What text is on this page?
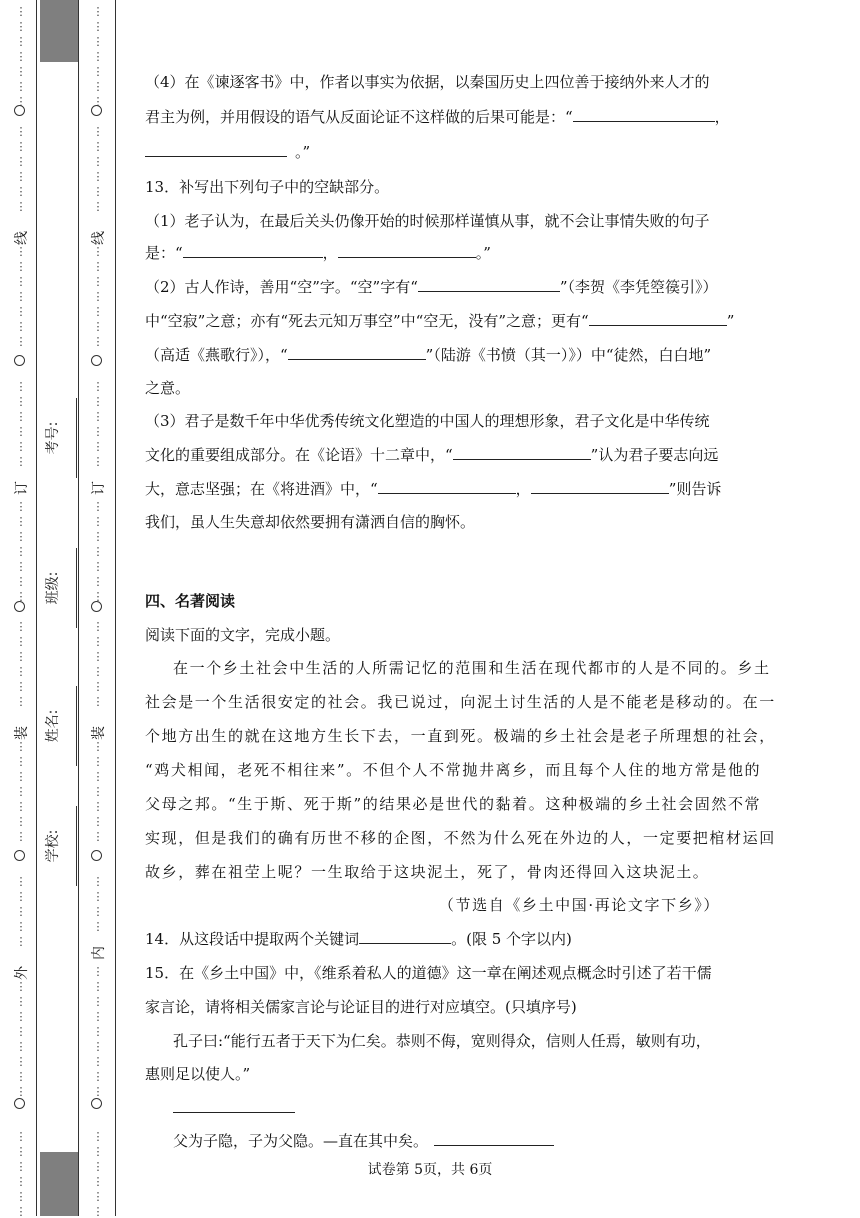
外
装
订
线
⋮
⋮
⋮
⋮
⋮
⋮
⋮
⋮
⋮
⋮
⋮
⋮
⋮
⋮
⋮
⋮
⋮
⋮
⋮
⋮
⋮
⋮
⋮
⋮
⋮
⋮
⋮
⋮
⋮
⋮
⋮
⋮
⋮
⋮
⋮
⋮
⋮
⋮
⋮
⋮
⋮
⋮
⋮
⋮
⋮
⋮
⋮
⋮
⋮
⋮
⋮
⋮
⋮
⋮
⋮
⋮
⋮
⋮
⋮
⋮
⋮
⋮
⋮
⋮
⋮
内
装
订
线
⋮
⋮
⋮
⋮
⋮
⋮
⋮
⋮
⋮
⋮
⋮
⋮
⋮
⋮
⋮
⋮
⋮
⋮
⋮
⋮
⋮
⋮
⋮
⋮
⋮
⋮
⋮
⋮
⋮
⋮
⋮
⋮
⋮
⋮
⋮
⋮
⋮
⋮
⋮
⋮
⋮
⋮
⋮
⋮
⋮
⋮
⋮
⋮
⋮
⋮
⋮
⋮
⋮
⋮
⋮
⋮
⋮
⋮
⋮
⋮
⋮
⋮
⋮
⋮
⋮
学校:
姓名:
班级:
考号:
（4）在《谏逐客书》中，作者以事实为依据，以秦国历史上四位善于接纳外来人才的
君主为例，并用假设的语气从反面论证不这样做的后果可能是：“	，
。”
13．补写出下列句子中的空缺部分。
（1）老子认为，在最后关头仍像开始的时候那样谨慎从事，就不会让事情失败的句子
是：“	，	。”
（2）古人作诗，善用“空”字。“空”字有“	”（李贺《李凭箜篌引》）
中“空寂”之意；亦有“死去元知万事空”中“空无，没有”之意；更有“	”
（高适《燕歌行》），“	”（陆游《书愤（其一）》）中“徒然，白白地”
之意。
（3）君子是数千年中华优秀传统文化塑造的中国人的理想形象，君子文化是中华传统
文化的重要组成部分。在《论语》十二章中，“	”认为君子要志向远
大，意志坚强；在《将进酒》中，“	，	”则告诉
我们，虽人生失意却依然要拥有潇洒自信的胸怀。
四、名著阅读
阅读下面的文字，完成小题。
在一个乡土社会中生活的人所需记忆的范围和生活在现代都市的人是不同的。乡土
社会是一个生活很安定的社会。我已说过，向泥土讨生活的人是不能老是移动的。在一
个地方出生的就在这地方生长下去，一直到死。极端的乡土社会是老子所理想的社会，
“鸡犬相闻，老死不相往来”。不但个人不常抛井离乡，而且每个人住的地方常是他的
父母之邦。“生于斯、死于斯”的结果必是世代的黏着。这种极端的乡土社会固然不常
实现，但是我们的确有历世不移的企图，不然为什么死在外边的人，一定要把棺材运回
故乡，葬在祖茔上呢？一生取给于这块泥土，死了，骨肉还得回入这块泥土。
（节选自《乡土中国·再论文字下乡》）
14．从这段话中提取两个关键词	。(限 5 个字以内)
15．在《乡土中国》中，《维系着私人的道德》这一章在阐述观点概念时引述了若干儒
家言论，请将相关儒家言论与论证目的进行对应填空。(只填序号)
孔子曰:“能行五者于天下为仁矣。恭则不侮，宽则得众，信则人任焉，敏则有功，
惠则足以使人。”
父为子隐，子为父隐。—直在其中矣。
试卷第 5页，共 6页
